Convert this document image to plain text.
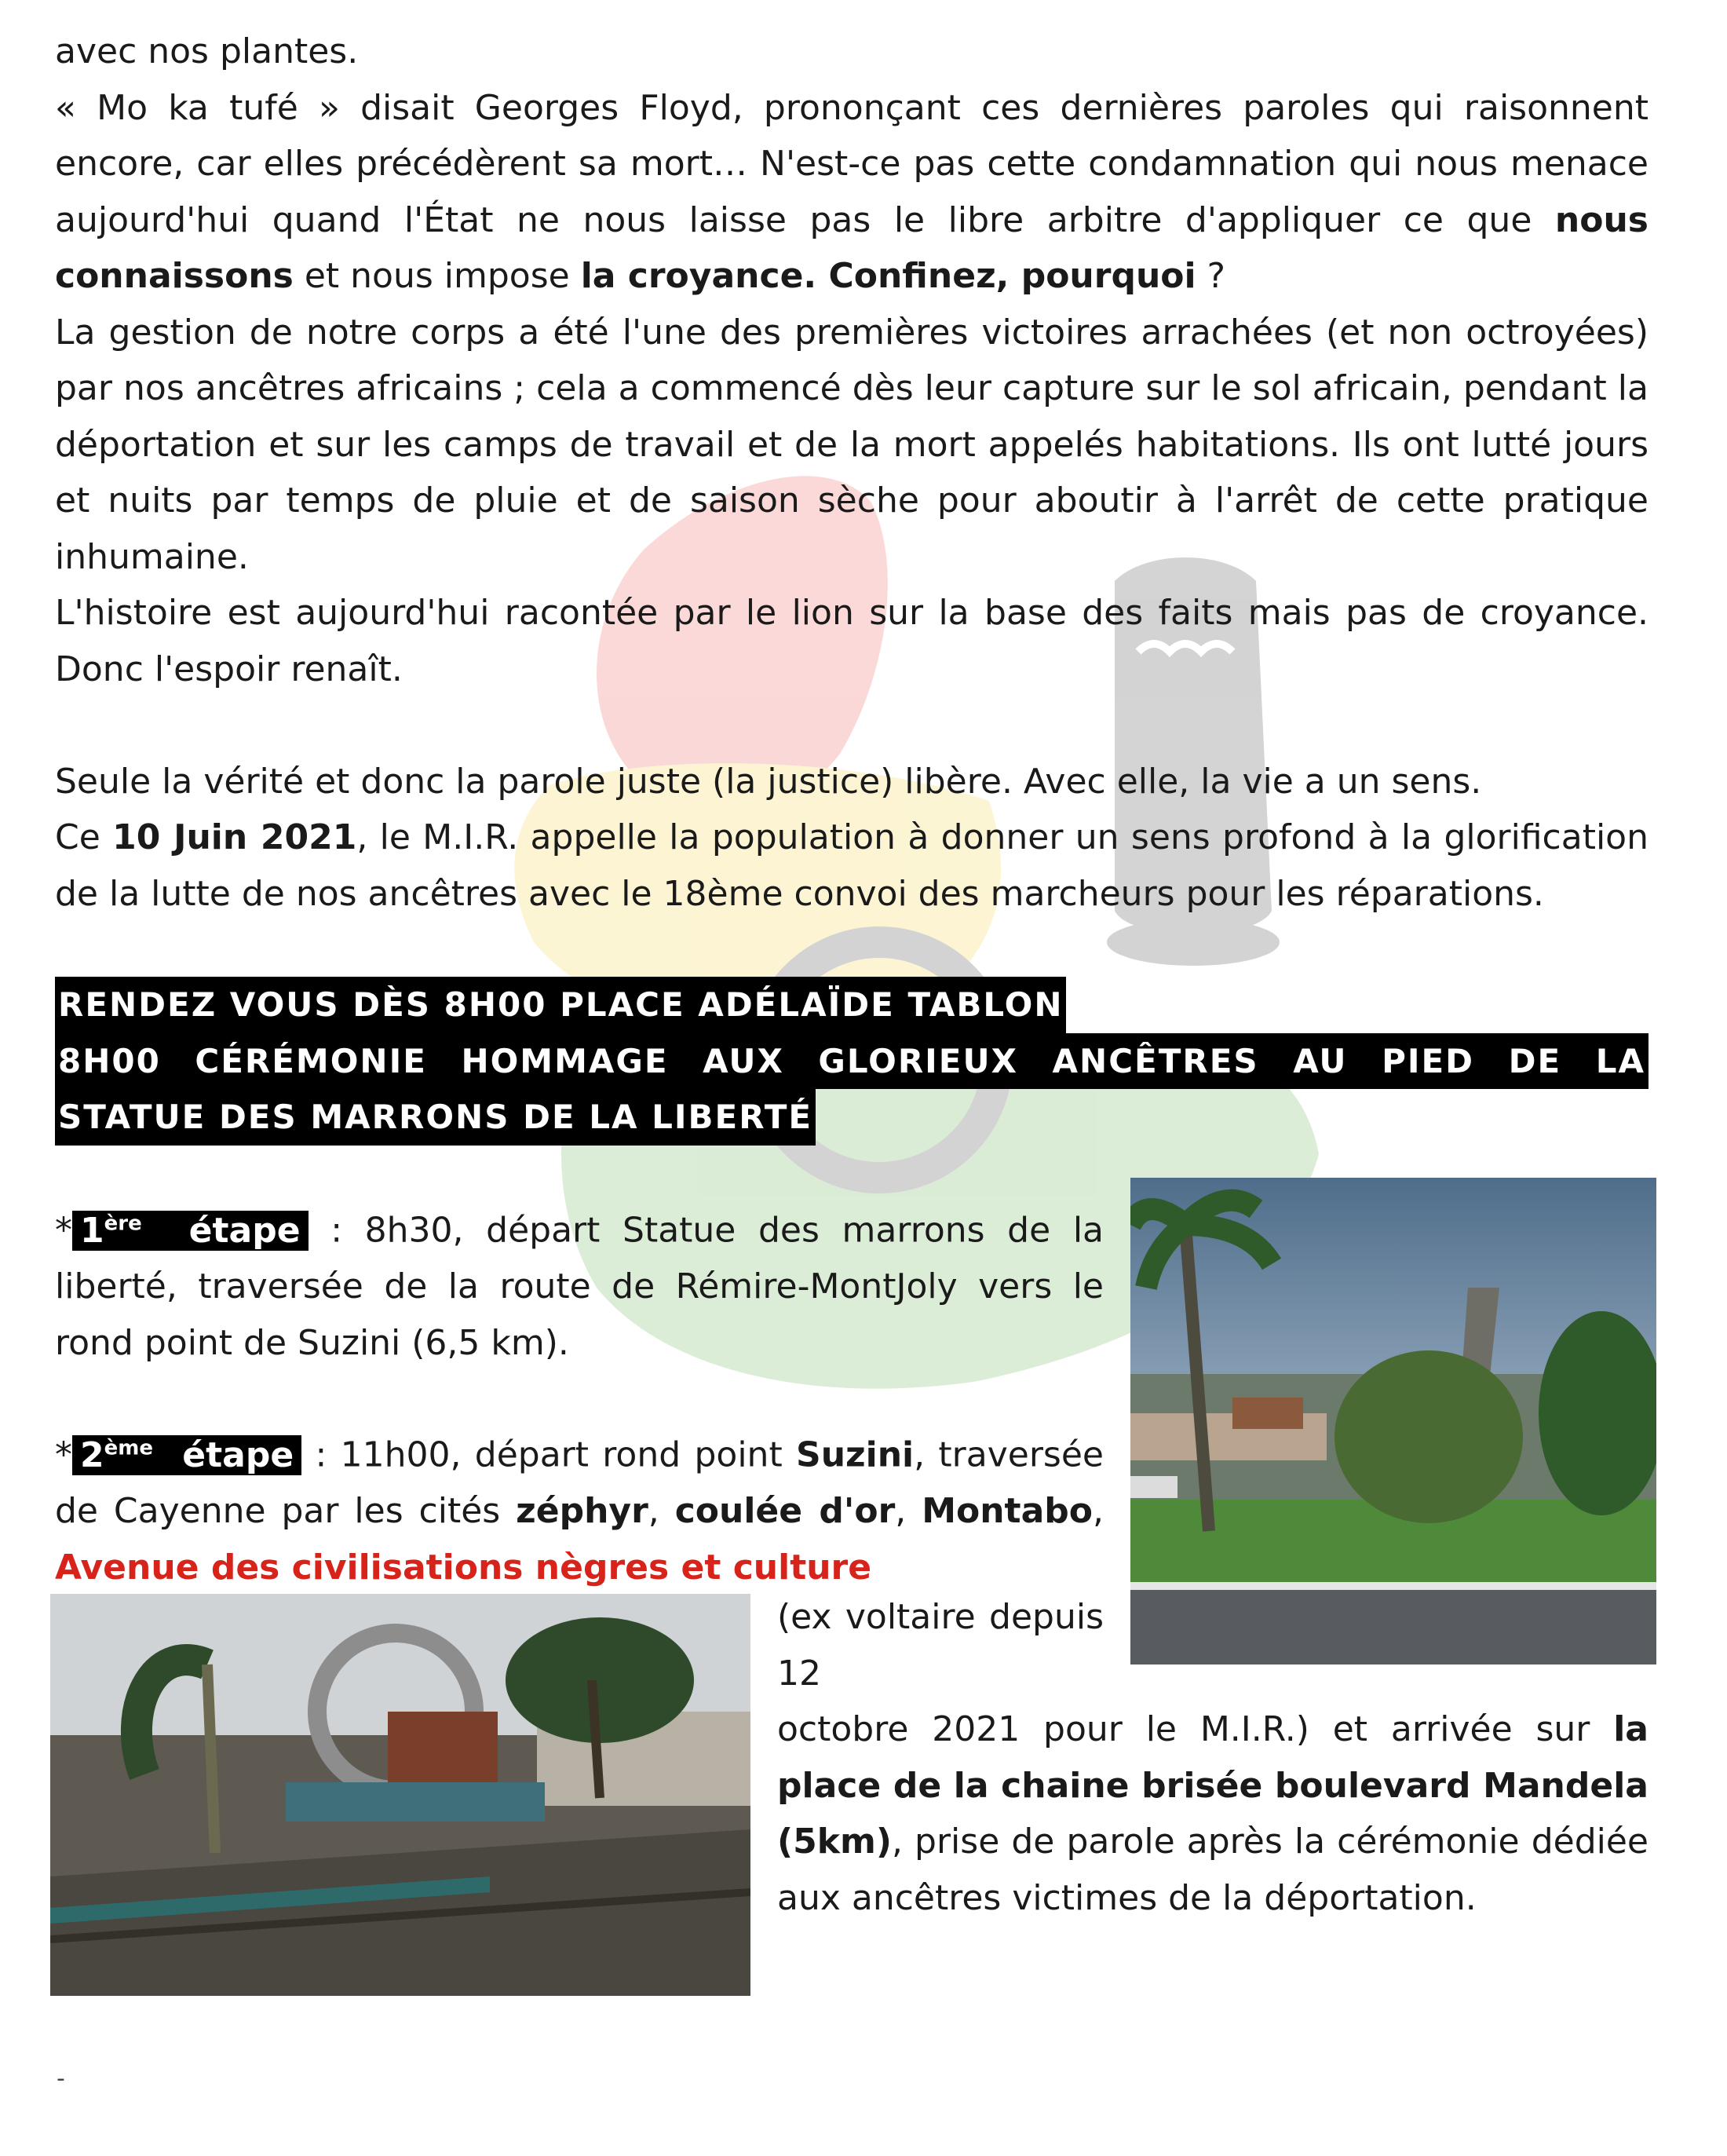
avec nos plantes.

« Mo ka tufé » disait Georges Floyd, prononçant ces dernières paroles qui raisonnent encore, car elles précédèrent sa mort… N'est-ce pas cette condamnation qui nous menace aujourd'hui quand l'État ne nous laisse pas le libre arbitre d'appliquer ce que nous connaissons et nous impose la croyance. Confinez, pourquoi ?

La gestion de notre corps a été l'une des premières victoires arrachées (et non octroyées) par nos ancêtres africains ; cela a commencé dès leur capture sur le sol africain, pendant la déportation et sur les camps de travail et de la mort appelés habitations. Ils ont lutté jours et nuits par temps de pluie et de saison sèche pour aboutir à l'arrêt de cette pratique inhumaine.

L'histoire est aujourd'hui racontée par le lion sur la base des faits mais pas de croyance. Donc l'espoir renaît.

Seule la vérité et donc la parole juste (la justice) libère. Avec elle, la vie a un sens.

Ce 10 Juin 2021, le M.I.R. appelle la population à donner un sens profond à la glorification de la lutte de nos ancêtres avec le 18ème convoi des marcheurs pour les réparations.

RENDEZ VOUS DÈS 8H00 PLACE ADÉLAÏDE TABLON
8H00 CÉRÉMONIE HOMMAGE AUX GLORIEUX ANCÊTRES AU PIED DE LA
STATUE DES MARRONS DE LA LIBERTÉ
* 1ère étape : 8h30, départ Statue des marrons de la liberté, traversée de la route de Rémire-MontJoly vers le rond point de Suzini (6,5 km).
* 2ème étape : 11h00, départ rond point Suzini, traversée de Cayenne par les cités zéphyr, coulée d'or, Montabo, Avenue des civilisations nègres et culture
(ex voltaire depuis 12
octobre 2021 pour le M.I.R.) et arrivée sur la place de la chaine brisée boulevard Mandela (5km), prise de parole après la cérémonie dédiée aux ancêtres victimes de la déportation.
-
